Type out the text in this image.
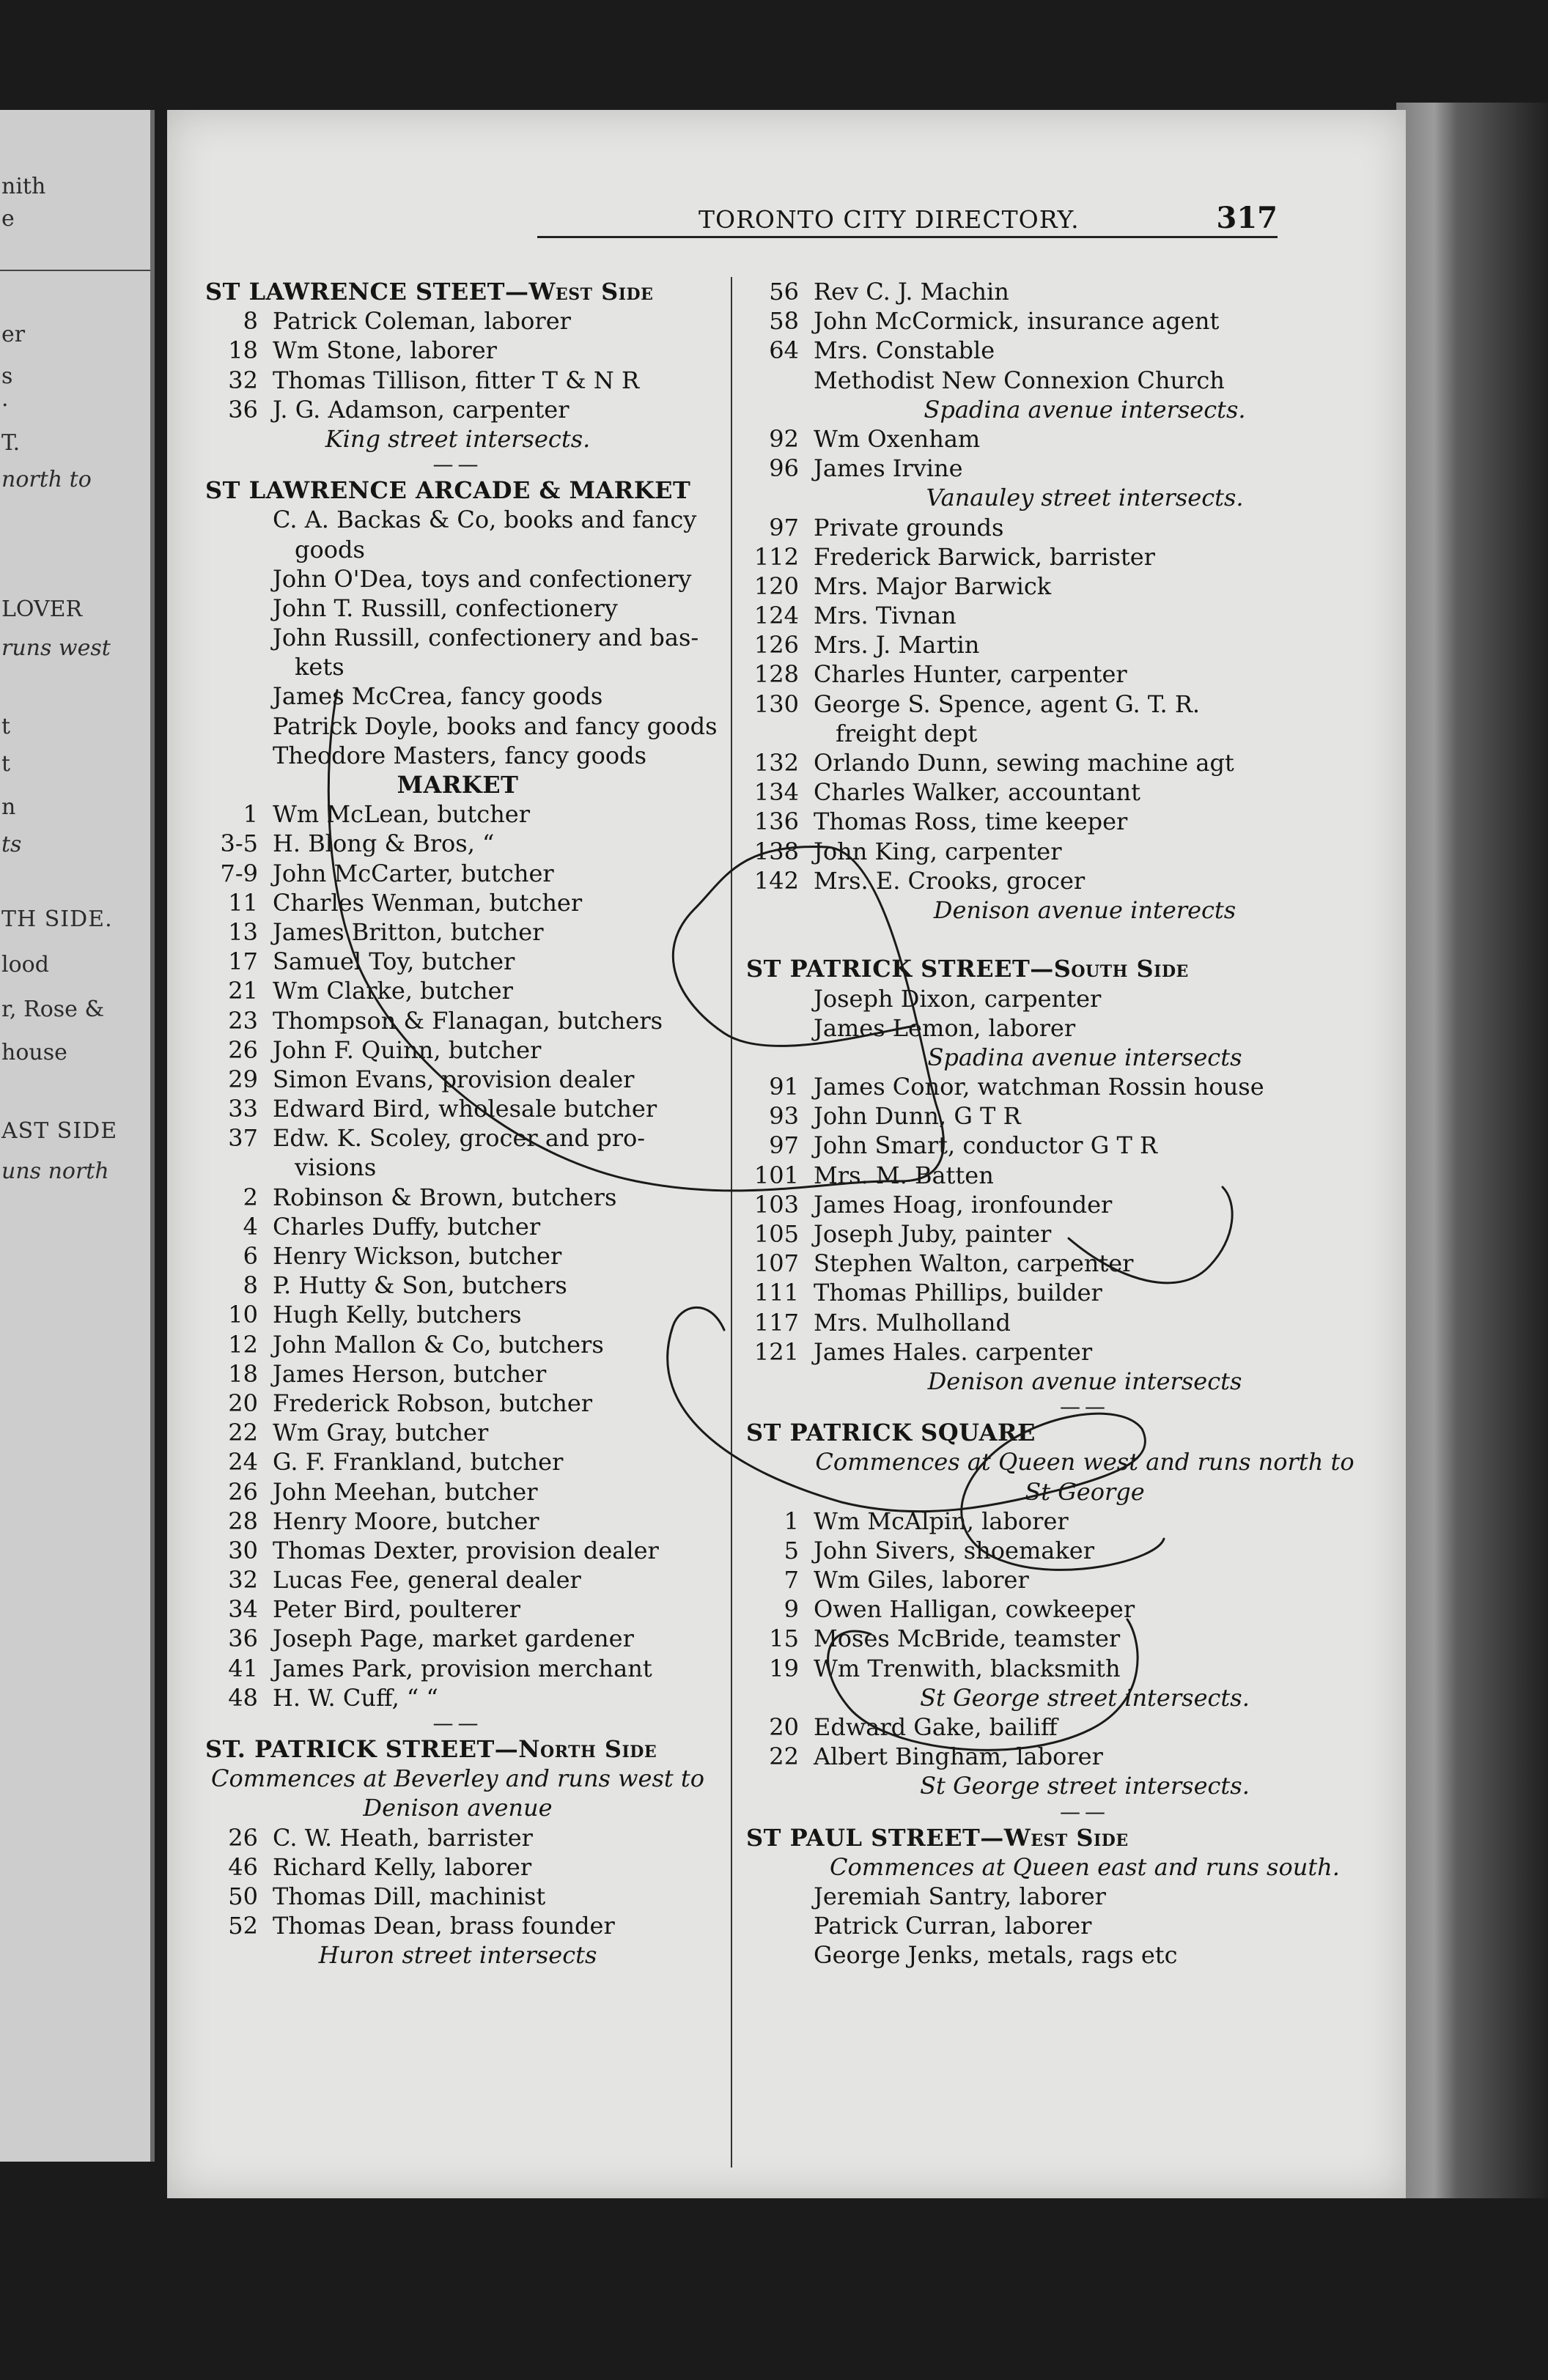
nith
e
er
s
.
T.
north to
LOVER
runs west
t
t
n
ts
TH SIDE.
lood
r, Rose &
house
AST SIDE
uns north
TORONTO CITY DIRECTORY.	317
ST LAWRENCE STEET—West Side
8 Patrick Coleman, laborer
18 Wm Stone, laborer
32 Thomas Tillison, fitter T & N R
36 J. G. Adamson, carpenter
King street intersects.
——
ST LAWRENCE ARCADE & MARKET
C. A. Backas & Co, books and fancy
goods
John O'Dea, toys and confectionery
John T. Russill, confectionery
John Russill, confectionery and bas-
kets
James McCrea, fancy goods
Patrick Doyle, books and fancy goods
Theodore Masters, fancy goods
MARKET
1 Wm McLean, butcher
3-5 H. Blong & Bros, “
7-9 John McCarter, butcher
11 Charles Wenman, butcher
13 James Britton, butcher
17 Samuel Toy, butcher
21 Wm Clarke, butcher
23 Thompson & Flanagan, butchers
26 John F. Quinn, butcher
29 Simon Evans, provision dealer
33 Edward Bird, wholesale butcher
37 Edw. K. Scoley, grocer and pro-
visions
2 Robinson & Brown, butchers
4 Charles Duffy, butcher
6 Henry Wickson, butcher
8 P. Hutty & Son, butchers
10 Hugh Kelly, butchers
12 John Mallon & Co, butchers
18 James Herson, butcher
20 Frederick Robson, butcher
22 Wm Gray, butcher
24 G. F. Frankland, butcher
26 John Meehan, butcher
28 Henry Moore, butcher
30 Thomas Dexter, provision dealer
32 Lucas Fee, general dealer
34 Peter Bird, poulterer
36 Joseph Page, market gardener
41 James Park, provision merchant
48 H. W. Cuff, “ “
——
ST. PATRICK STREET—North Side
Commences at Beverley and runs west to
Denison avenue
26 C. W. Heath, barrister
46 Richard Kelly, laborer
50 Thomas Dill, machinist
52 Thomas Dean, brass founder
Huron street intersects
56 Rev C. J. Machin
58 John McCormick, insurance agent
64 Mrs. Constable
Methodist New Connexion Church
Spadina avenue intersects.
92 Wm Oxenham
96 James Irvine
Vanauley street intersects.
97 Private grounds
112 Frederick Barwick, barrister
120 Mrs. Major Barwick
124 Mrs. Tivnan
126 Mrs. J. Martin
128 Charles Hunter, carpenter
130 George S. Spence, agent G. T. R.
freight dept
132 Orlando Dunn, sewing machine agt
134 Charles Walker, accountant
136 Thomas Ross, time keeper
138 John King, carpenter
142 Mrs. E. Crooks, grocer
Denison avenue interects
ST PATRICK STREET—South Side
Joseph Dixon, carpenter
James Lemon, laborer
Spadina avenue intersects
91 James Conor, watchman Rossin house
93 John Dunn, G T R
97 John Smart, conductor G T R
101 Mrs. M. Batten
103 James Hoag, ironfounder
105 Joseph Juby, painter
107 Stephen Walton, carpenter
111 Thomas Phillips, builder
117 Mrs. Mulholland
121 James Hales. carpenter
Denison avenue intersects
——
ST PATRICK SQUARE
Commences at Queen west and runs north to
St George
1 Wm McAlpin, laborer
5 John Sivers, shoemaker
7 Wm Giles, laborer
9 Owen Halligan, cowkeeper
15 Moses McBride, teamster
19 Wm Trenwith, blacksmith
St George street intersects.
20 Edward Gake, bailiff
22 Albert Bingham, laborer
St George street intersects.
——
ST PAUL STREET—West Side
Commences at Queen east and runs south.
Jeremiah Santry, laborer
Patrick Curran, laborer
George Jenks, metals, rags etc
